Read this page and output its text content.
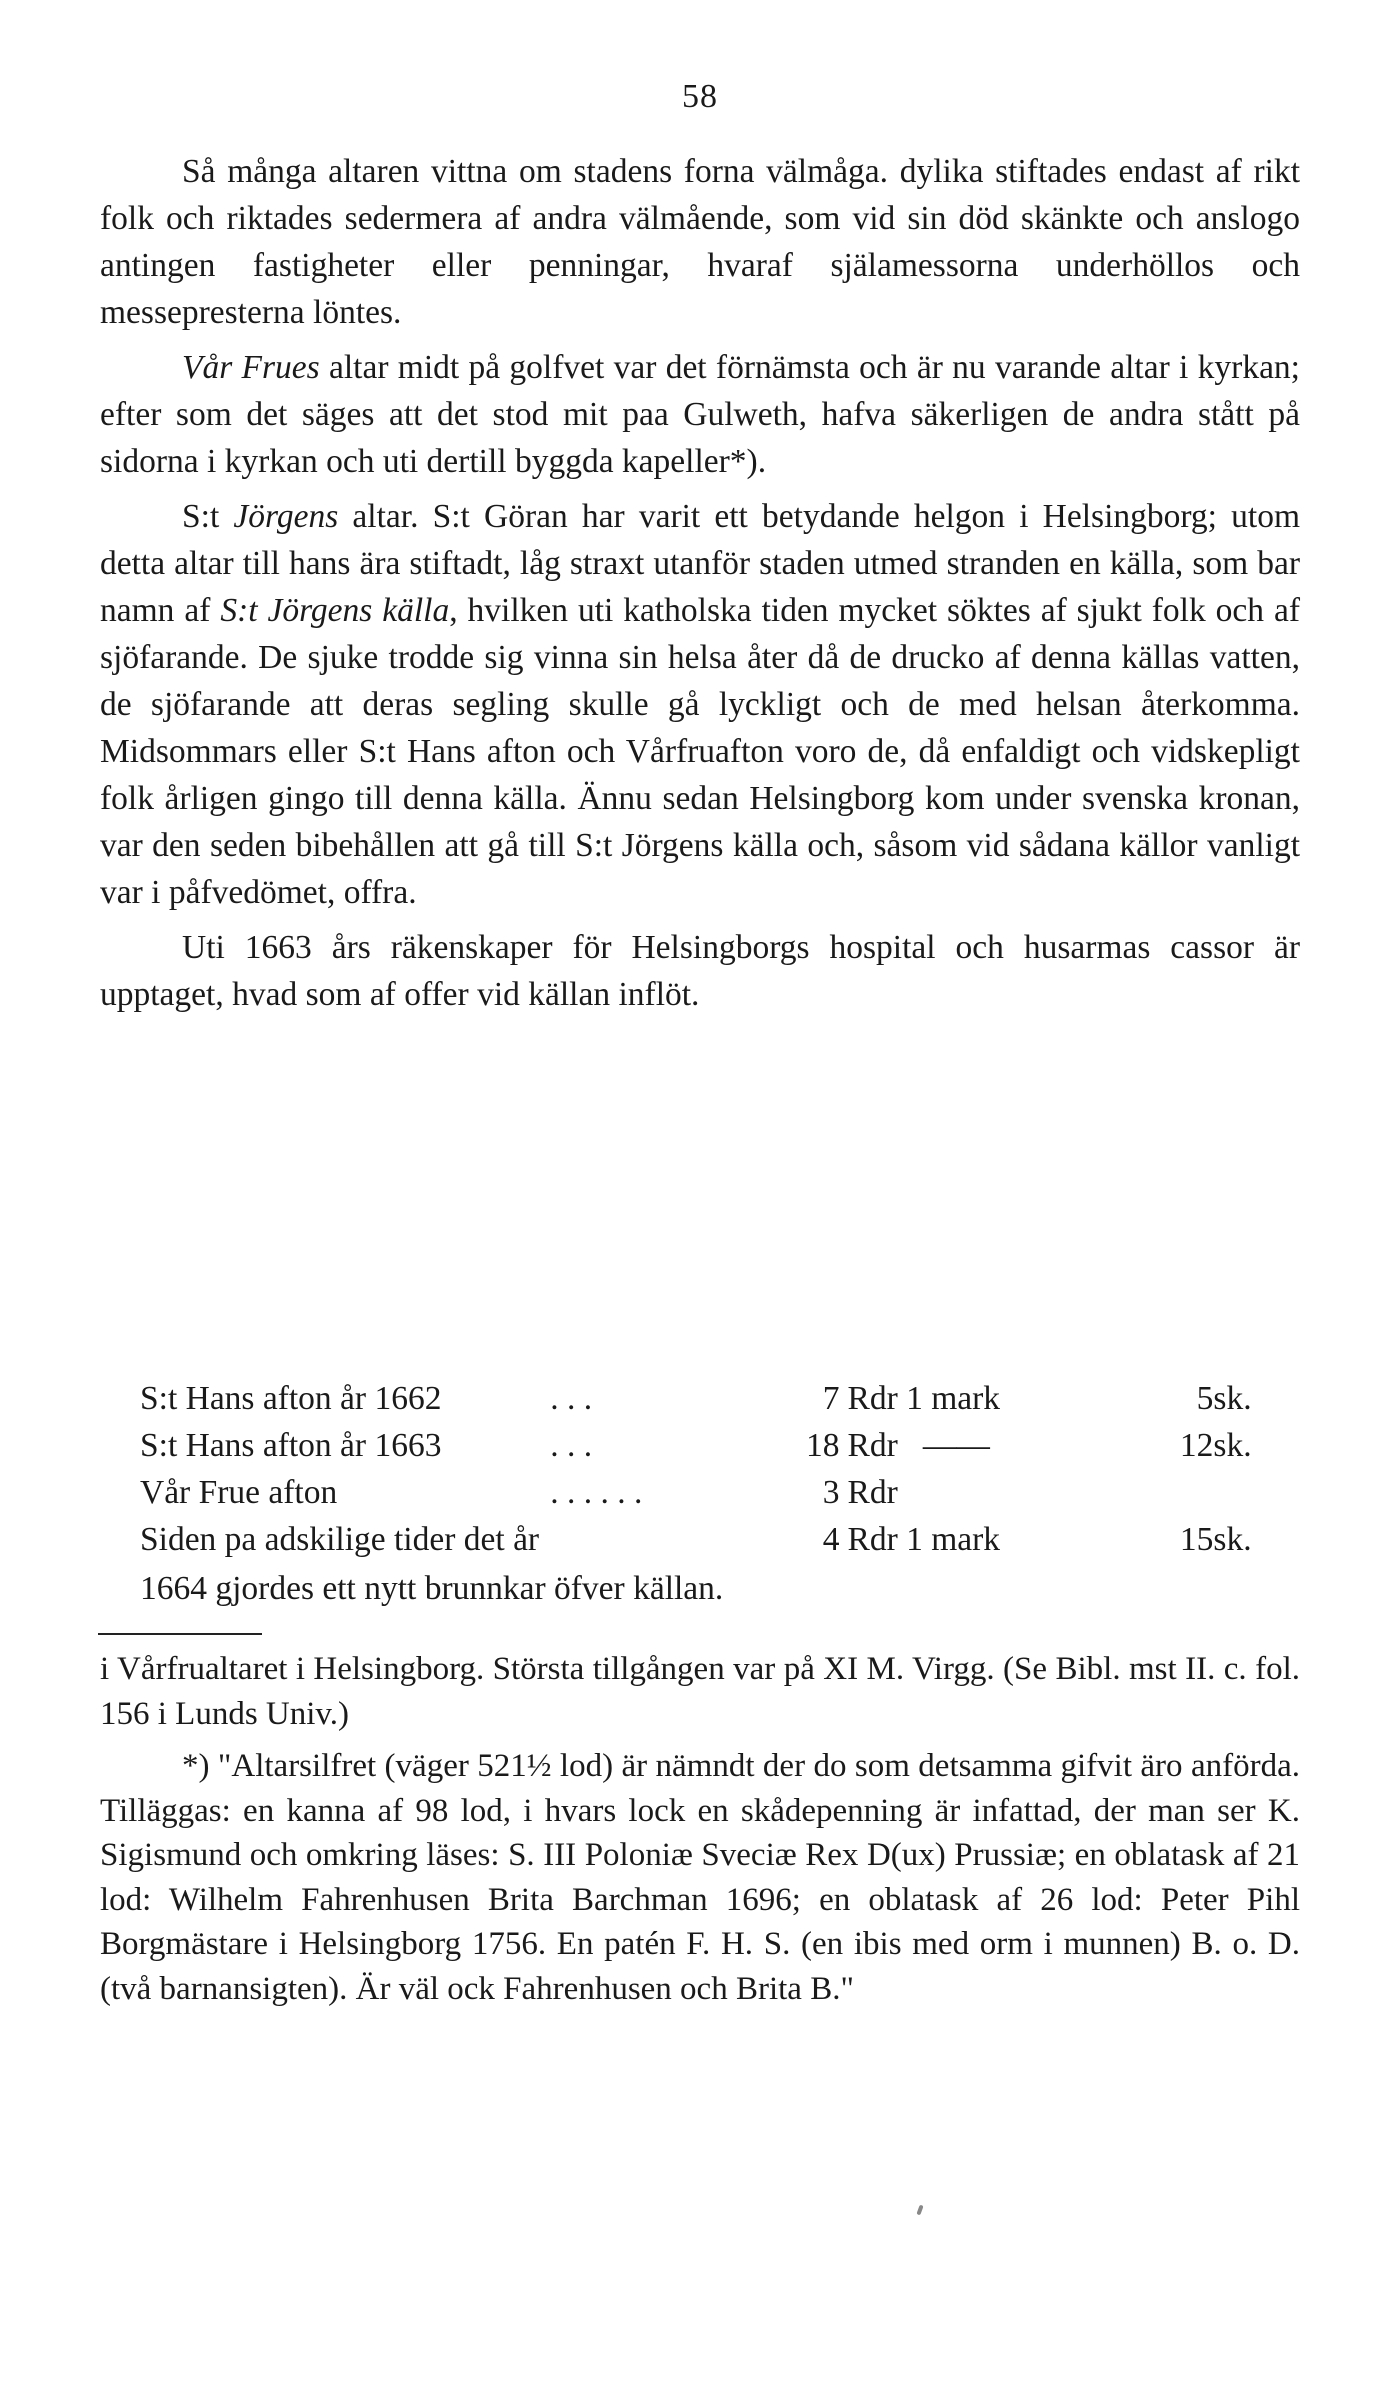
58

Så många altaren vittna om stadens forna välmåga. dylika stiftades endast af rikt folk och riktades sedermera af andra välmående, som vid sin död skänkte och anslogo antingen fastigheter eller penningar, hvaraf själamessorna underhöllos och messepresterna löntes.

Vår Frues altar midt på golfvet var det förnämsta och är nu varande altar i kyrkan; efter som det säges att det stod mit paa Gulweth, hafva säkerligen de andra stått på sidorna i kyrkan och uti dertill byggda kapeller*).

S:t Jörgens altar. S:t Göran har varit ett betydande helgon i Helsingborg; utom detta altar till hans ära stiftadt, låg straxt utanför staden utmed stranden en källa, som bar namn af S:t Jörgens källa, hvilken uti katholska tiden mycket söktes af sjukt folk och af sjöfarande. De sjuke trodde sig vinna sin helsa åter då de drucko af denna källas vatten, de sjöfarande att deras segling skulle gå lyckligt och de med helsan återkomma. Midsommars eller S:t Hans afton och Vårfruafton voro de, då enfaldigt och vidskepligt folk årligen gingo till denna källa. Ännu sedan Helsingborg kom under svenska kronan, var den seden bibehållen att gå till S:t Jörgens källa och, såsom vid sådana källor vanligt var i påfvedömet, offra.

Uti 1663 års räkenskaper för Helsingborgs hospital och husarmas cassor är upptaget, hvad som af offer vid källan inflöt.

S:t Hans afton år 1662	. . .	7	Rdr 1 mark	5	sk.
S:t Hans afton år 1663	. . .	18	Rdr   ——	12	sk.
Vår Frue afton	. . . . . .	3	Rdr		
Siden pa adskilige tider det år		4	Rdr 1 mark	15	sk.
1664 gjordes ett nytt brunnkar öfver källan.

i Vårfrualtaret i Helsingborg. Största tillgången var på XI M. Virgg. (Se Bibl. mst II. c. fol. 156 i Lunds Univ.)

*) "Altarsilfret (väger 521½ lod) är nämndt der do som detsamma gifvit äro anförda. Tilläggas: en kanna af 98 lod, i hvars lock en skådepenning är infattad, der man ser K. Sigismund och omkring läses: S. III Poloniæ Sveciæ Rex D(ux) Prussiæ; en oblatask af 21 lod: Wilhelm Fahrenhusen Brita Barchman 1696; en oblatask af 26 lod: Peter Pihl Borgmästare i Helsingborg 1756. En patén F. H. S. (en ibis med orm i munnen) B. o. D. (två barnansigten). Är väl ock Fahrenhusen och Brita B."
